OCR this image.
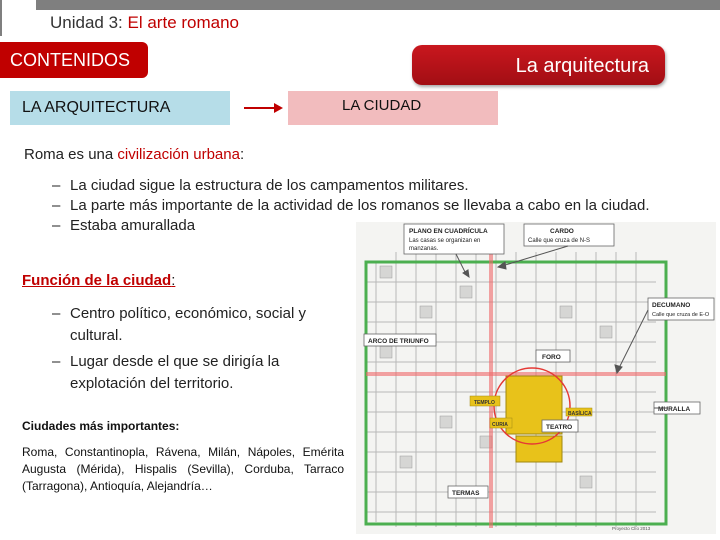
Unidad 3: El arte romano
CONTENIDOS	La arquitectura
LA ARQUITECTURA	LA CIUDAD
Roma es una civilización urbana:
– La ciudad sigue la estructura de los campamentos militares.
– La parte más importante de la actividad de los romanos se llevaba a cabo en la ciudad.
– Estaba amurallada
Función de la ciudad:
– Centro político, económico, social y cultural.
– Lugar desde el que se dirigía la explotación del territorio.
Ciudades más importantes:
Roma, Constantinopla, Rávena, Milán, Nápoles, Emérita Augusta (Mérida), Hispalis (Sevilla), Corduba, Tarraco (Tarragona), Antioquía, Alejandría…
TEMPLO
CURIA
BASÍLICA
PLANO EN CUADRÍCULA
Las casas se organizan en
manzanas.
CARDO
Calle que cruza de N-S
ARCO DE TRIUNFO
DECUMANO
Calle que cruza de E-O
FORO
MURALLA
TEATRO
TERMAS
Proyecto Clío 2013
